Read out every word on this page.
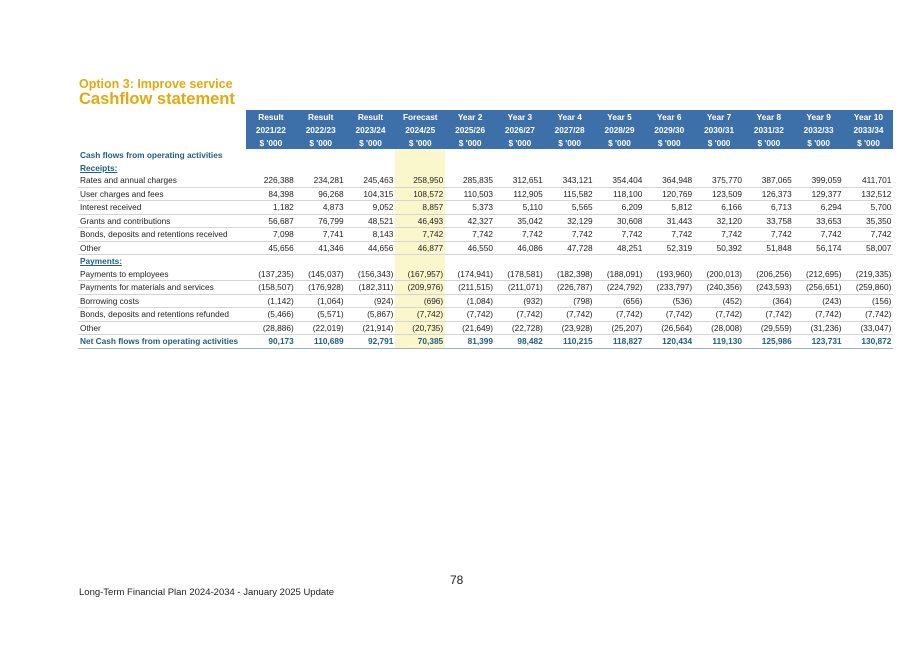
Option 3: Improve service
Cashflow statement
	Result	Result	Result	Forecast	Year 2	Year 3	Year 4	Year 5	Year 6	Year 7	Year 8	Year 9	Year 10
	2021/22	2022/23	2023/24	2024/25	2025/26	2026/27	2027/28	2028/29	2029/30	2030/31	2031/32	2032/33	2033/34
	$ '000	$ '000	$ '000	$ '000	$ '000	$ '000	$ '000	$ '000	$ '000	$ '000	$ '000	$ '000	$ '000
Cash flows from operating activities													
Receipts:													
Rates and annual charges	226,388	234,281	245,463	258,950	285,835	312,651	343,121	354,404	364,948	375,770	387,065	399,059	411,701
User charges and fees	84,398	96,268	104,315	108,572	110,503	112,905	115,582	118,100	120,769	123,509	126,373	129,377	132,512
Interest received	1,182	4,873	9,052	8,857	5,373	5,110	5,565	6,209	5,812	6,166	6,713	6,294	5,700
Grants and contributions	56,687	76,799	48,521	46,493	42,327	35,042	32,129	30,608	31,443	32,120	33,758	33,653	35,350
Bonds, deposits and retentions received	7,098	7,741	8,143	7,742	7,742	7,742	7,742	7,742	7,742	7,742	7,742	7,742	7,742
Other	45,656	41,346	44,656	46,877	46,550	46,086	47,728	48,251	52,319	50,392	51,848	56,174	58,007
Payments:													
Payments to employees	(137,235)	(145,037)	(156,343)	(167,957)	(174,941)	(178,581)	(182,398)	(188,091)	(193,960)	(200,013)	(206,256)	(212,695)	(219,335)
Payments for materials and services	(158,507)	(176,928)	(182,311)	(209,976)	(211,515)	(211,071)	(226,787)	(224,792)	(233,797)	(240,356)	(243,593)	(256,651)	(259,860)
Borrowing costs	(1,142)	(1,064)	(924)	(696)	(1,084)	(932)	(798)	(656)	(536)	(452)	(364)	(243)	(156)
Bonds, deposits and retentions refunded	(5,466)	(5,571)	(5,867)	(7,742)	(7,742)	(7,742)	(7,742)	(7,742)	(7,742)	(7,742)	(7,742)	(7,742)	(7,742)
Other	(28,886)	(22,019)	(21,914)	(20,735)	(21,649)	(22,728)	(23,928)	(25,207)	(26,564)	(28,008)	(29,559)	(31,236)	(33,047)
Net Cash flows from operating activities	90,173	110,689	92,791	70,385	81,399	98,482	110,215	118,827	120,434	119,130	125,986	123,731	130,872
78
Long-Term Financial Plan 2024-2034 - January 2025 Update
